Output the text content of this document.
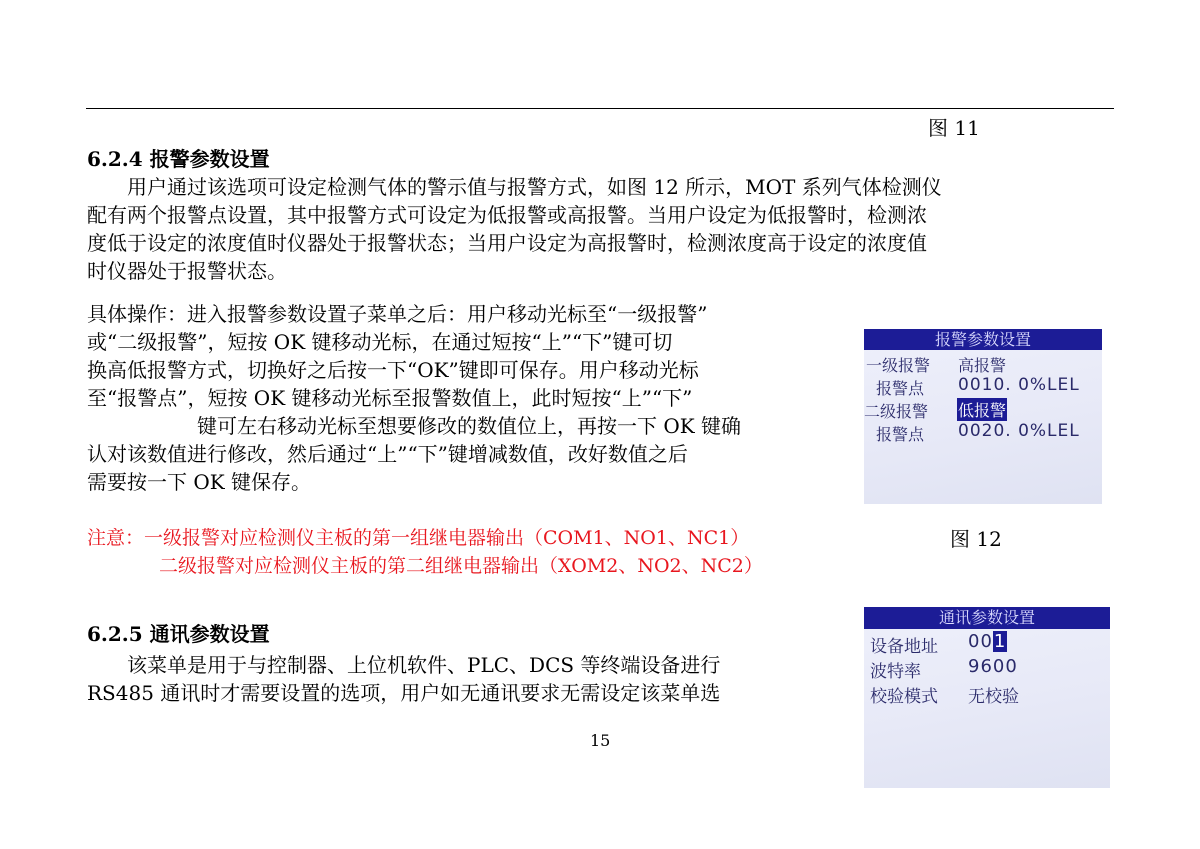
图 11
6.2.4 报警参数设置
　　用户通过该选项可设定检测气体的警示值与报警方式，如图 12 所示，MOT 系列气体检测仪
配有两个报警点设置，其中报警方式可设定为低报警或高报警。当用户设定为低报警时，检测浓
度低于设定的浓度值时仪器处于报警状态；当用户设定为高报警时，检测浓度高于设定的浓度值
时仪器处于报警状态。
具体操作：进入报警参数设置子菜单之后：用户移动光标至“一级报警”
或“二级报警”，短按 OK 键移动光标，在通过短按“上”“下”键可切
换高低报警方式，切换好之后按一下“OK”键即可保存。用户移动光标
至“报警点”，短按 OK 键移动光标至报警数值上，此时短按“上”“下”
键可左右移动光标至想要修改的数值位上，再按一下 OK 键确
认对该数值进行修改，然后通过“上”“下”键增减数值，改好数值之后
需要按一下 OK 键保存。
注意：一级报警对应检测仪主板的第一组继电器输出（COM1、NO1、NC1）
二级报警对应检测仪主板的第二组继电器输出（XOM2、NO2、NC2）
报警参数设置
一级报警 高报警
报警点 0010. 0%LEL
二级报警 低报警
报警点 0020. 0%LEL
图 12
6.2.5 通讯参数设置
　　该菜单是用于与控制器、上位机软件、PLC、DCS 等终端设备进行
RS485 通讯时才需要设置的选项，用户如无通讯要求无需设定该菜单选
通讯参数设置
设备地址 001
波特率	9600
校验模式 无校验
15
